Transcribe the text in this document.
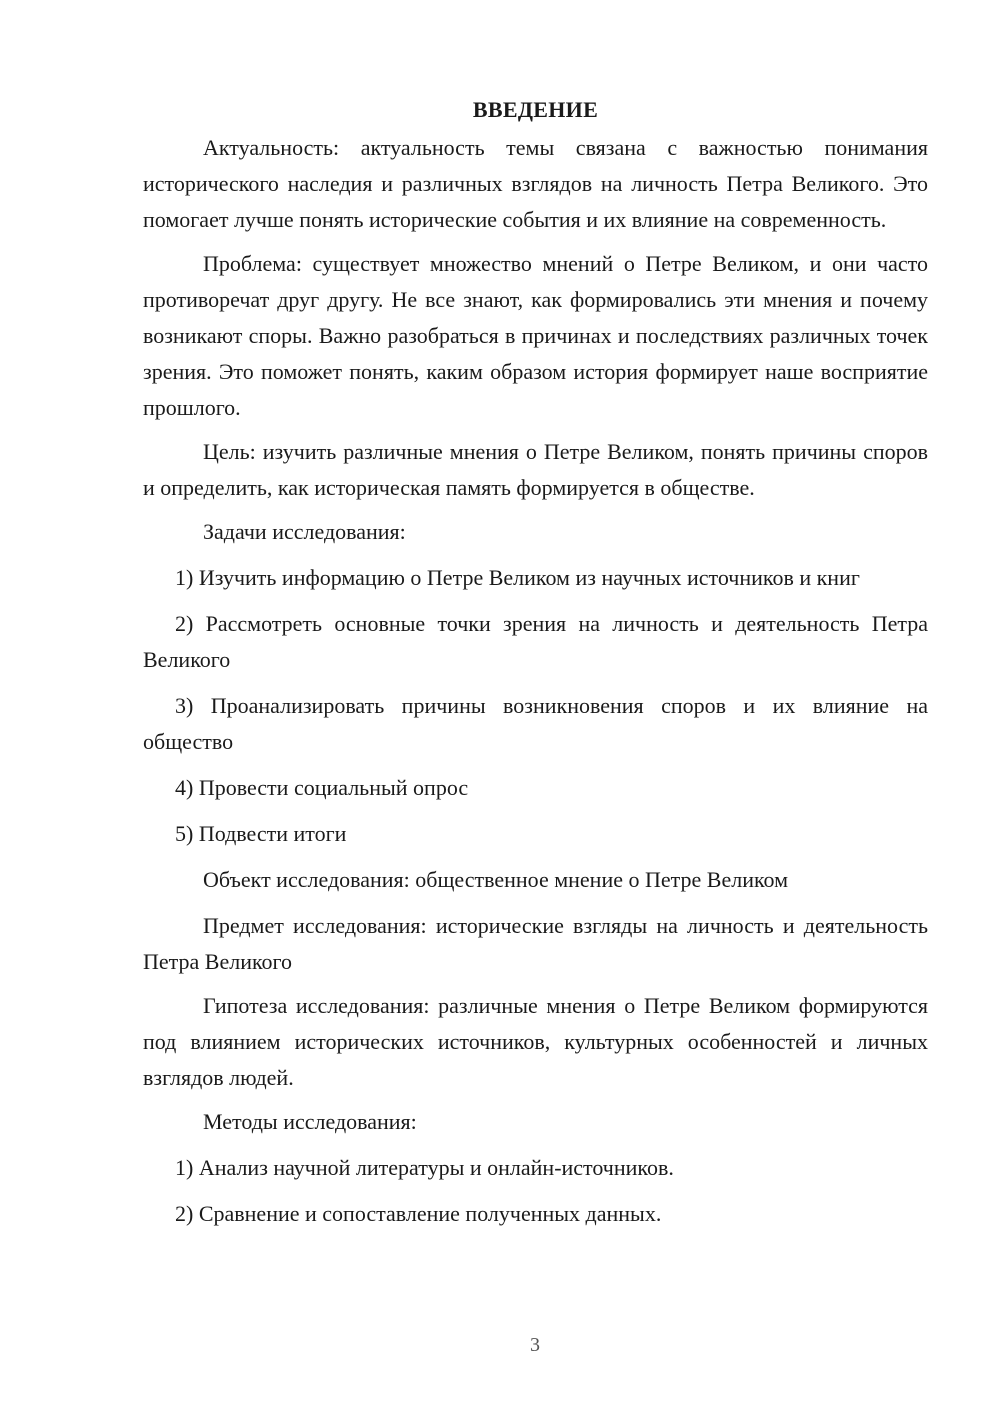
ВВЕДЕНИЕ

Актуальность: актуальность темы связана с важностью понимания исторического наследия и различных взглядов на личность Петра Великого. Это помогает лучше понять исторические события и их влияние на современность.

Проблема: существует множество мнений о Петре Великом, и они часто противоречат друг другу. Не все знают, как формировались эти мнения и почему возникают споры. Важно разобраться в причинах и последствиях различных точек зрения. Это поможет понять, каким образом история формирует наше восприятие прошлого.

Цель: изучить различные мнения о Петре Великом, понять причины споров и определить, как историческая память формируется в обществе.

Задачи исследования:

1) Изучить информацию о Петре Великом из научных источников и книг

2) Рассмотреть основные точки зрения на личность и деятельность Петра Великого

3) Проанализировать причины возникновения споров и их влияние на общество

4) Провести социальный опрос

5) Подвести итоги

Объект исследования: общественное мнение о Петре Великом

Предмет исследования: исторические взгляды на личность и деятельность Петра Великого

Гипотеза исследования: различные мнения о Петре Великом формируются под влиянием исторических источников, культурных особенностей и личных взглядов людей.

Методы исследования:

1) Анализ научной литературы и онлайн-источников.

2) Сравнение и сопоставление полученных данных.

3
